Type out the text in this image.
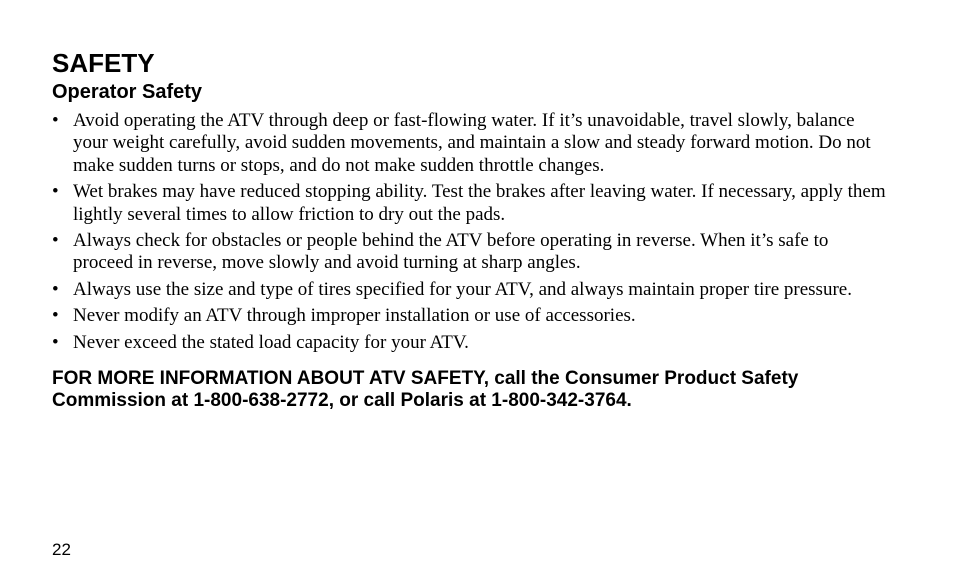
SAFETY
Operator Safety
• Avoid operating the ATV through deep or fast-flowing water. If it’s unavoidable, travel slowly, balance your weight carefully, avoid sudden movements, and maintain a slow and steady forward motion. Do not make sudden turns or stops, and do not make sudden throttle changes.
• Wet brakes may have reduced stopping ability. Test the brakes after leaving water. If necessary, apply them lightly several times to allow friction to dry out the pads.
• Always check for obstacles or people behind the ATV before operating in reverse. When it’s safe to proceed in reverse, move slowly and avoid turning at sharp angles.
• Always use the size and type of tires specified for your ATV, and always maintain proper tire pressure.
• Never modify an ATV through improper installation or use of accessories.
• Never exceed the stated load capacity for your ATV.

FOR MORE INFORMATION ABOUT ATV SAFETY, call the Consumer Product Safety Commission at 1-800-638-2772, or call Polaris at 1-800-342-3764.

22
